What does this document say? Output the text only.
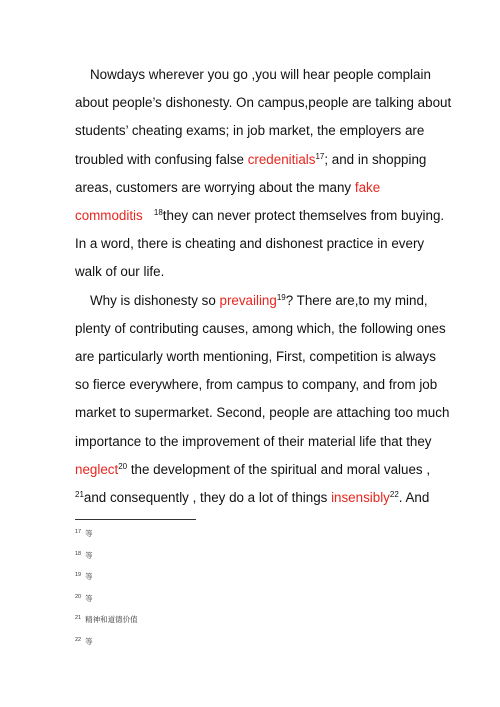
Nowdays wherever you go ,you will hear people complain
about people’s dishonesty. On campus,people are talking about
students’ cheating exams; in job market, the employers are
troubled with confusing false credenitials$^{17}$; and in shopping
areas, customers are worrying about the many fake
commoditis $^{18}$they can never protect themselves from buying.
In a word, there is cheating and dishonest practice in every
walk of our life.
Why is dishonesty so prevailing$^{19}$? There are,to my mind,
plenty of contributing causes, among which, the following ones
are particularly worth mentioning, First, competition is always
so fierce everywhere, from campus to company, and from job
market to supermarket. Second, people are attaching too much
importance to the improvement of their material life that they
neglect$^{20}$ the development of the spiritual and moral values ,
$^{21}$and consequently , they do a lot of things insensibly$^{22}$. And
$^{17}$ 等
$^{18}$ 等
$^{19}$ 等
$^{20}$ 等
$^{21}$ 精神和道德价值
$^{22}$ 等
